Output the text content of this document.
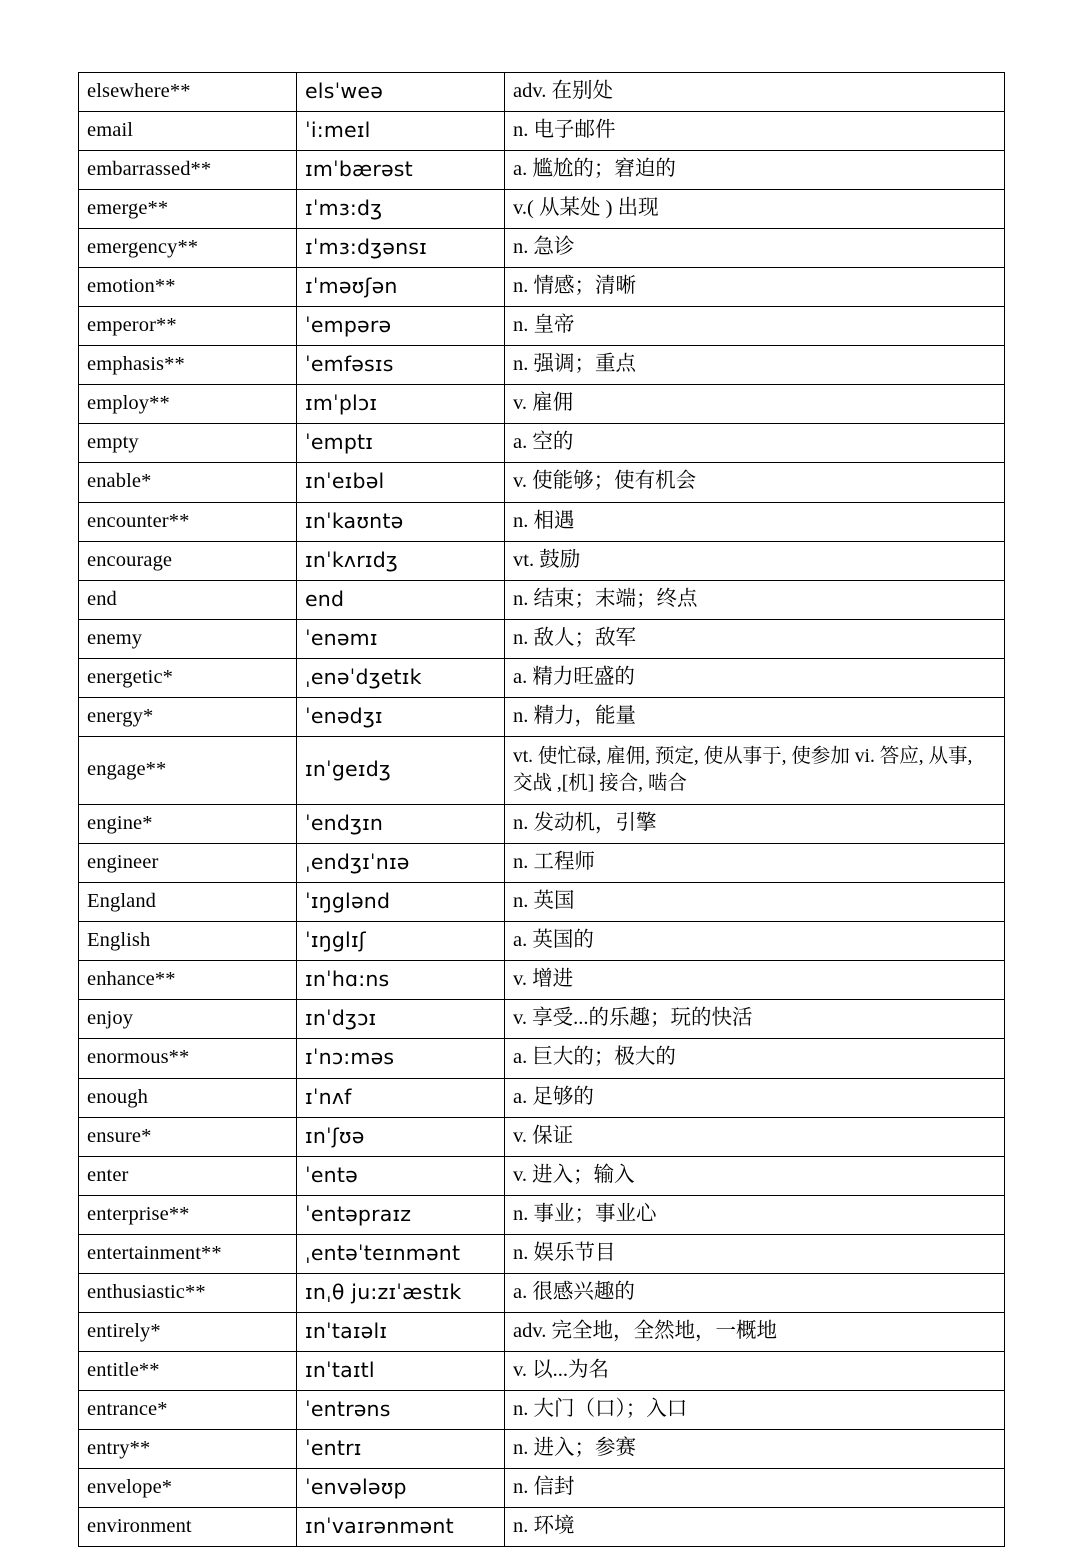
elsewhere**	elsˈweə	adv. 在别处
email	ˈi:meɪl	n. 电子邮件
embarrassed**	ɪmˈbærəst	a. 尴尬的；窘迫的
emerge**	ɪˈmɜ:dʒ	v.( 从某处 ) 出现
emergency**	ɪˈmɜ:dʒənsɪ	n. 急诊
emotion**	ɪˈməʊʃən	n. 情感；清晰
emperor**	ˈempərə	n. 皇帝
emphasis**	ˈemfəsɪs	n. 强调；重点
employ**	ɪmˈplɔɪ	v. 雇佣
empty	ˈemptɪ	a. 空的
enable*	ɪnˈeɪbəl	v. 使能够；使有机会
encounter**	ɪnˈkaʊntə	n. 相遇
encourage	ɪnˈkʌrɪdʒ	vt. 鼓励
end	end	n. 结束；末端；终点
enemy	ˈenəmɪ	n. 敌人；敌军
energetic*	ˌenəˈdʒetɪk	a. 精力旺盛的
energy*	ˈenədʒɪ	n. 精力，能量
engage**	ɪnˈgeɪdʒ	vt. 使忙碌, 雇佣, 预定, 使从事于, 使参加 vi. 答应, 从事, 交战 ,[机] 接合, 啮合
engine*	ˈendʒɪn	n. 发动机，引擎
engineer	ˌendʒɪˈnɪə	n. 工程师
England	ˈɪŋglənd	n. 英国
English	ˈɪŋglɪʃ	a. 英国的
enhance**	ɪnˈhɑ:ns	v. 增进
enjoy	ɪnˈdʒɔɪ	v. 享受...的乐趣；玩的快活
enormous**	ɪˈnɔ:məs	a. 巨大的；极大的
enough	ɪˈnʌf	a. 足够的
ensure*	ɪnˈʃʊə	v. 保证
enter	ˈentə	v. 进入；输入
enterprise**	ˈentəpraɪz	n. 事业；事业心
entertainment**	ˌentəˈteɪnmənt	n. 娱乐节目
enthusiastic**	ɪnˌθ ju:zɪˈæstɪk	a. 很感兴趣的
entirely*	ɪnˈtaɪəlɪ	adv. 完全地，全然地，一概地
entitle**	ɪnˈtaɪtl	v. 以...为名
entrance*	ˈentrəns	n. 大门（口）；入口
entry**	ˈentrɪ	n. 进入；参赛
envelope*	ˈenvələʊp	n. 信封
environment	ɪnˈvaɪrənmənt	n. 环境
